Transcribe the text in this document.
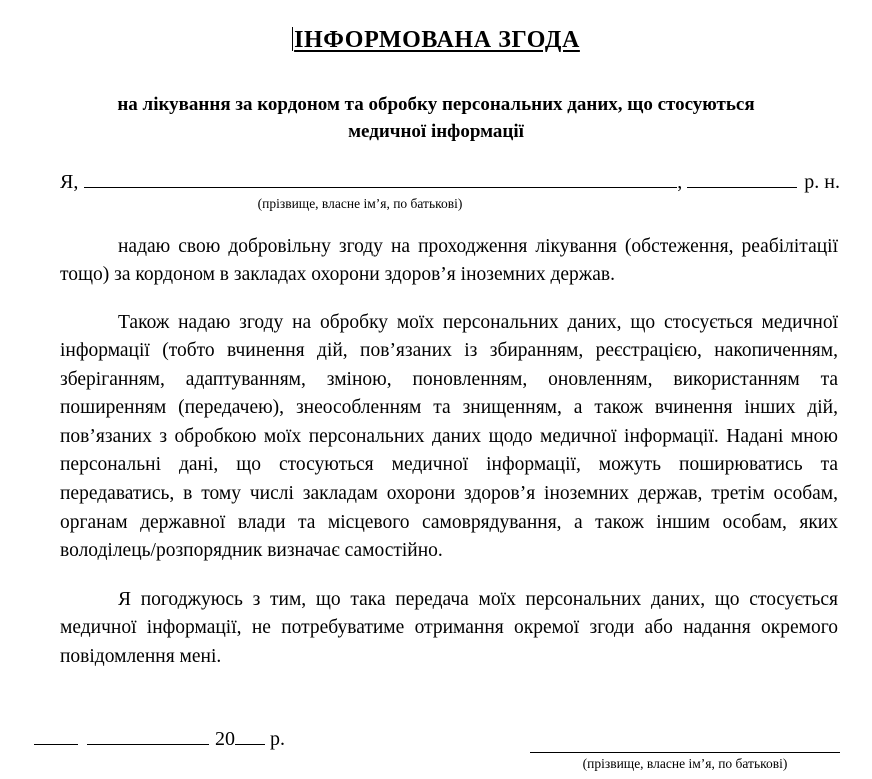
ІНФОРМОВАНА ЗГОДА
на лікування за кордоном та обробку персональних даних, що стосуються медичної інформації
Я,	,	р. н.
(прізвище, власне ім’я, по батькові)

надаю свою добровільну згоду на проходження лікування (обстеження, реабілітації тощо) за кордоном в закладах охорони здоров’я іноземних держав.

Також надаю згоду на обробку моїх персональних даних, що стосується медичної інформації (тобто вчинення дій, пов’язаних із збиранням, реєстрацією, накопиченням, зберіганням, адаптуванням, зміною, поновленням, оновленням, використанням та поширенням (передачею), знеособленням та знищенням, а також вчинення інших дій, пов’язаних з обробкою моїх персональних даних щодо медичної інформації. Надані мною персональні дані, що стосуються медичної інформації, можуть поширюватись та передаватись, в тому числі закладам охорони здоров’я іноземних держав, третім особам, органам державної влади та місцевого самоврядування, а також іншим особам, яких володілець/розпорядник визначає самостійно.

Я погоджуюсь з тим, що така передача моїх персональних даних, що стосується медичної інформації, не потребуватиме отримання окремої згоди або надання окремого повідомлення мені.

20 р.
(прізвище, власне ім’я, по батькові)
